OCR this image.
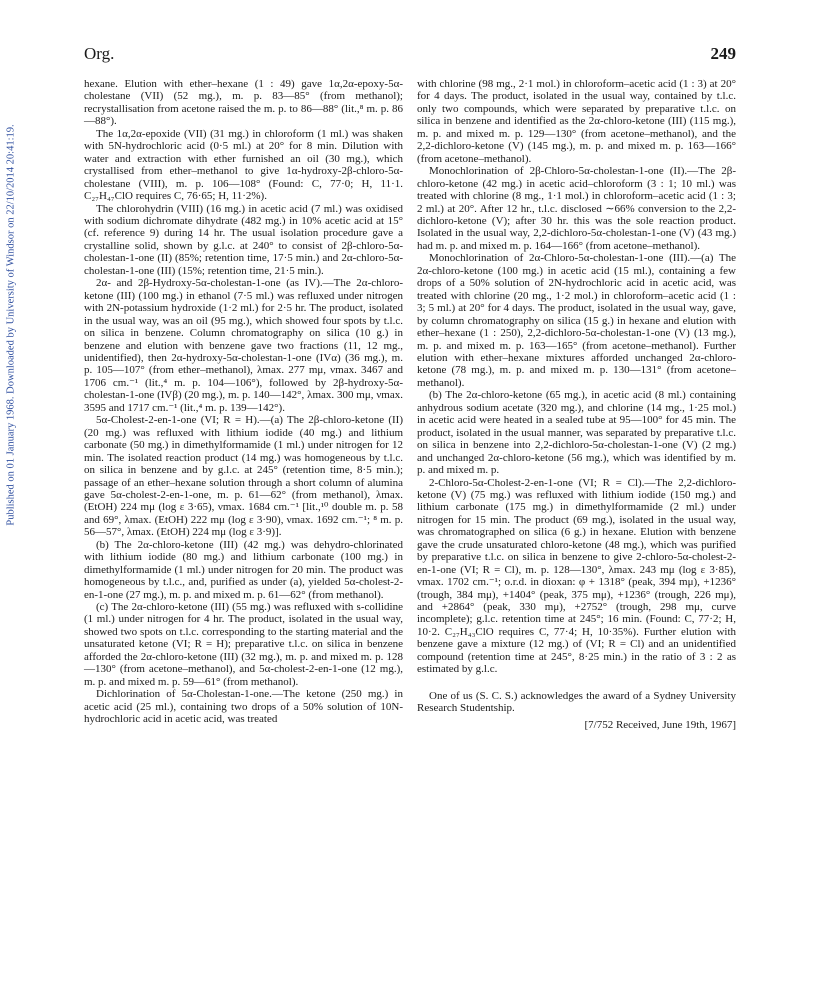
Published on 01 January 1968. Downloaded by University of Windsor on 22/10/2014 20:41:19.
Org.	249

hexane. Elution with ether–hexane (1 : 49) gave 1α,2α-epoxy-5α-cholestane (VII) (52 mg.), m. p. 83—85° (from methanol); recrystallisation from acetone raised the m. p. to 86—88° (lit.,⁸ m. p. 86—88°).

The 1α,2α-epoxide (VII) (31 mg.) in chloroform (1 ml.) was shaken with 5N-hydrochloric acid (0·5 ml.) at 20° for 8 min. Dilution with water and extraction with ether furnished an oil (30 mg.), which crystallised from ether–methanol to give 1α-hydroxy-2β-chloro-5α-cholestane (VIII), m. p. 106—108° (Found: C, 77·0; H, 11·1. C₂₇H₄₇ClO requires C, 76·65; H, 11·2%).

The chlorohydrin (VIII) (16 mg.) in acetic acid (7 ml.) was oxidised with sodium dichromate dihydrate (482 mg.) in 10% acetic acid at 15° (cf. reference 9) during 14 hr. The usual isolation procedure gave a crystalline solid, shown by g.l.c. at 240° to consist of 2β-chloro-5α-cholestan-1-one (II) (85%; retention time, 17·5 min.) and 2α-chloro-5α-cholestan-1-one (III) (15%; retention time, 21·5 min.).

2α- and 2β-Hydroxy-5α-cholestan-1-one (as IV).—The 2α-chloro-ketone (III) (100 mg.) in ethanol (7·5 ml.) was refluxed under nitrogen with 2N-potassium hydroxide (1·2 ml.) for 2·5 hr. The product, isolated in the usual way, was an oil (95 mg.), which showed four spots by t.l.c. on silica in benzene. Column chromatography on silica (10 g.) in benzene and elution with benzene gave two fractions (11, 12 mg., unidentified), then 2α-hydroxy-5α-cholestan-1-one (IVα) (36 mg.), m. p. 105—107° (from ether–methanol), λmax. 277 mμ, νmax. 3467 and 1706 cm.⁻¹ (lit.,⁴ m. p. 104—106°), followed by 2β-hydroxy-5α-cholestan-1-one (IVβ) (20 mg.), m. p. 140—142°, λmax. 300 mμ, νmax. 3595 and 1717 cm.⁻¹ (lit.,⁴ m. p. 139—142°).

5α-Cholest-2-en-1-one (VI; R = H).—(a) The 2β-chloro-ketone (II) (20 mg.) was refluxed with lithium iodide (40 mg.) and lithium carbonate (50 mg.) in dimethylformamide (1 ml.) under nitrogen for 12 min. The isolated reaction product (14 mg.) was homogeneous by t.l.c. on silica in benzene and by g.l.c. at 245° (retention time, 8·5 min.); passage of an ether–hexane solution through a short column of alumina gave 5α-cholest-2-en-1-one, m. p. 61—62° (from methanol), λmax. (EtOH) 224 mμ (log ε 3·65), νmax. 1684 cm.⁻¹ [lit.,¹⁰ double m. p. 58 and 69°, λmax. (EtOH) 222 mμ (log ε 3·90), νmax. 1692 cm.⁻¹; ⁸ m. p. 56—57°, λmax. (EtOH) 224 mμ (log ε 3·9)].

(b) The 2α-chloro-ketone (III) (42 mg.) was dehydro-chlorinated with lithium iodide (80 mg.) and lithium carbonate (100 mg.) in dimethylformamide (1 ml.) under nitrogen for 20 min. The product was homogeneous by t.l.c., and, purified as under (a), yielded 5α-cholest-2-en-1-one (27 mg.), m. p. and mixed m. p. 61—62° (from methanol).

(c) The 2α-chloro-ketone (III) (55 mg.) was refluxed with s-collidine (1 ml.) under nitrogen for 4 hr. The product, isolated in the usual way, showed two spots on t.l.c. corresponding to the starting material and the unsaturated ketone (VI; R = H); preparative t.l.c. on silica in benzene afforded the 2α-chloro-ketone (III) (32 mg.), m. p. and mixed m. p. 128—130° (from acetone–methanol), and 5α-cholest-2-en-1-one (12 mg.), m. p. and mixed m. p. 59—61° (from methanol).

Dichlorination of 5α-Cholestan-1-one.—The ketone (250 mg.) in acetic acid (25 ml.), containing two drops of a 50% solution of 10N-hydrochloric acid in acetic acid, was treated

with chlorine (98 mg., 2·1 mol.) in chloroform–acetic acid (1 : 3) at 20° for 4 days. The product, isolated in the usual way, contained by t.l.c. only two compounds, which were separated by preparative t.l.c. on silica in benzene and identified as the 2α-chloro-ketone (III) (115 mg.), m. p. and mixed m. p. 129—130° (from acetone–methanol), and the 2,2-dichloro-ketone (V) (145 mg.), m. p. and mixed m. p. 163—166° (from acetone–methanol).

Monochlorination of 2β-Chloro-5α-cholestan-1-one (II).—The 2β-chloro-ketone (42 mg.) in acetic acid–chloroform (3 : 1; 10 ml.) was treated with chlorine (8 mg., 1·1 mol.) in chloroform–acetic acid (1 : 3; 2 ml.) at 20°. After 12 hr., t.l.c. disclosed ∼66% conversion to the 2,2-dichloro-ketone (V); after 30 hr. this was the sole reaction product. Isolated in the usual way, 2,2-dichloro-5α-cholestan-1-one (V) (43 mg.) had m. p. and mixed m. p. 164—166° (from acetone–methanol).

Monochlorination of 2α-Chloro-5α-cholestan-1-one (III).—(a) The 2α-chloro-ketone (100 mg.) in acetic acid (15 ml.), containing a few drops of a 50% solution of 2N-hydrochloric acid in acetic acid, was treated with chlorine (20 mg., 1·2 mol.) in chloroform–acetic acid (1 : 3; 5 ml.) at 20° for 4 days. The product, isolated in the usual way, gave, by column chromatography on silica (15 g.) in hexane and elution with ether–hexane (1 : 250), 2,2-dichloro-5α-cholestan-1-one (V) (13 mg.), m. p. and mixed m. p. 163—165° (from acetone–methanol). Further elution with ether–hexane mixtures afforded unchanged 2α-chloro-ketone (78 mg.), m. p. and mixed m. p. 130—131° (from acetone–methanol).

(b) The 2α-chloro-ketone (65 mg.), in acetic acid (8 ml.) containing anhydrous sodium acetate (320 mg.), and chlorine (14 mg., 1·25 mol.) in acetic acid were heated in a sealed tube at 95—100° for 45 min. The product, isolated in the usual manner, was separated by preparative t.l.c. on silica in benzene into 2,2-dichloro-5α-cholestan-1-one (V) (2 mg.) and unchanged 2α-chloro-ketone (56 mg.), which was identified by m. p. and mixed m. p.

2-Chloro-5α-Cholest-2-en-1-one (VI; R = Cl).—The 2,2-dichloro-ketone (V) (75 mg.) was refluxed with lithium iodide (150 mg.) and lithium carbonate (175 mg.) in dimethylformamide (2 ml.) under nitrogen for 15 min. The product (69 mg.), isolated in the usual way, was chromatographed on silica (6 g.) in hexane. Elution with benzene gave the crude unsaturated chloro-ketone (48 mg.), which was purified by preparative t.l.c. on silica in benzene to give 2-chloro-5α-cholest-2-en-1-one (VI; R = Cl), m. p. 128—130°, λmax. 243 mμ (log ε 3·85), νmax. 1702 cm.⁻¹; o.r.d. in dioxan: φ + 1318° (peak, 394 mμ), +1236° (trough, 384 mμ), +1404° (peak, 375 mμ), +1236° (trough, 226 mμ), and +2864° (peak, 330 mμ), +2752° (trough, 298 mμ, curve incomplete); g.l.c. retention time at 245°; 16 min. (Found: C, 77·2; H, 10·2. C₂₇H₄₃ClO requires C, 77·4; H, 10·35%). Further elution with benzene gave a mixture (12 mg.) of (VI; R = Cl) and an unidentified compound (retention time at 245°, 8·25 min.) in the ratio of 3 : 2 as estimated by g.l.c.

One of us (S. C. S.) acknowledges the award of a Sydney University Research Studentship.

[7/752 Received, June 19th, 1967]
